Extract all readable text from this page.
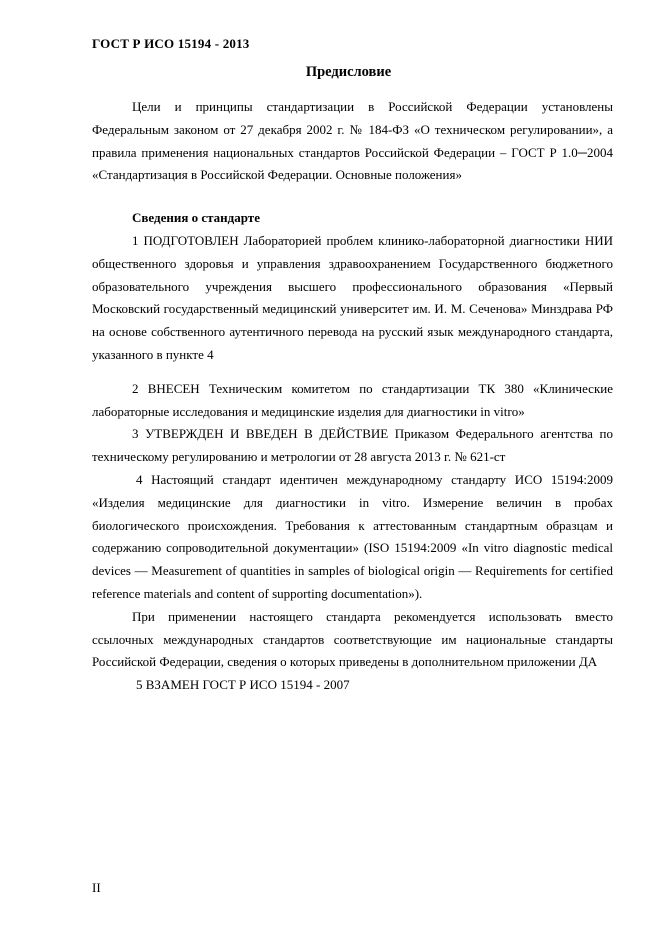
ГОСТ Р ИСО 15194 - 2013
Предисловие

Цели и принципы стандартизации в Российской Федерации установлены Федеральным законом от 27 декабря 2002 г. № 184-ФЗ «О техническом регулировании», а правила применения национальных стандартов Российской Федерации – ГОСТ Р 1.0─2004 «Стандартизация в Российской Федерации. Основные положения»

Сведения о стандарте

1 ПОДГОТОВЛЕН Лабораторией проблем клинико-лабораторной диагностики НИИ общественного здоровья и управления здравоохранением Государственного бюджетного образовательного учреждения высшего профессионального образования «Первый Московский государственный медицинский университет им. И. М. Сеченова» Минздрава РФ на основе собственного аутентичного перевода на русский язык международного стандарта, указанного в пункте 4

2 ВНЕСЕН Техническим комитетом по стандартизации ТК 380 «Клинические лабораторные исследования и медицинские изделия для диагностики in vitro»

3 УТВЕРЖДЕН И ВВЕДЕН В ДЕЙСТВИЕ Приказом Федерального агентства по техническому регулированию и метрологии от 28 августа 2013 г. № 621-ст

4 Настоящий стандарт идентичен международному стандарту ИСО 15194:2009 «Изделия медицинские для диагностики in vitro. Измерение величин в пробах биологического происхождения. Требования к аттестованным стандартным образцам и содержанию сопроводительной документации» (ISO 15194:2009 «In vitro diagnostic medical devices — Measurement of quantities in samples of biological origin — Requirements for certified reference materials and content of supporting documentation»).

При применении настоящего стандарта рекомендуется использовать вместо ссылочных международных стандартов соответствующие им национальные стандарты Российской Федерации, сведения о которых приведены в дополнительном приложении ДА

5 ВЗАМЕН ГОСТ Р ИСО 15194 - 2007

II
